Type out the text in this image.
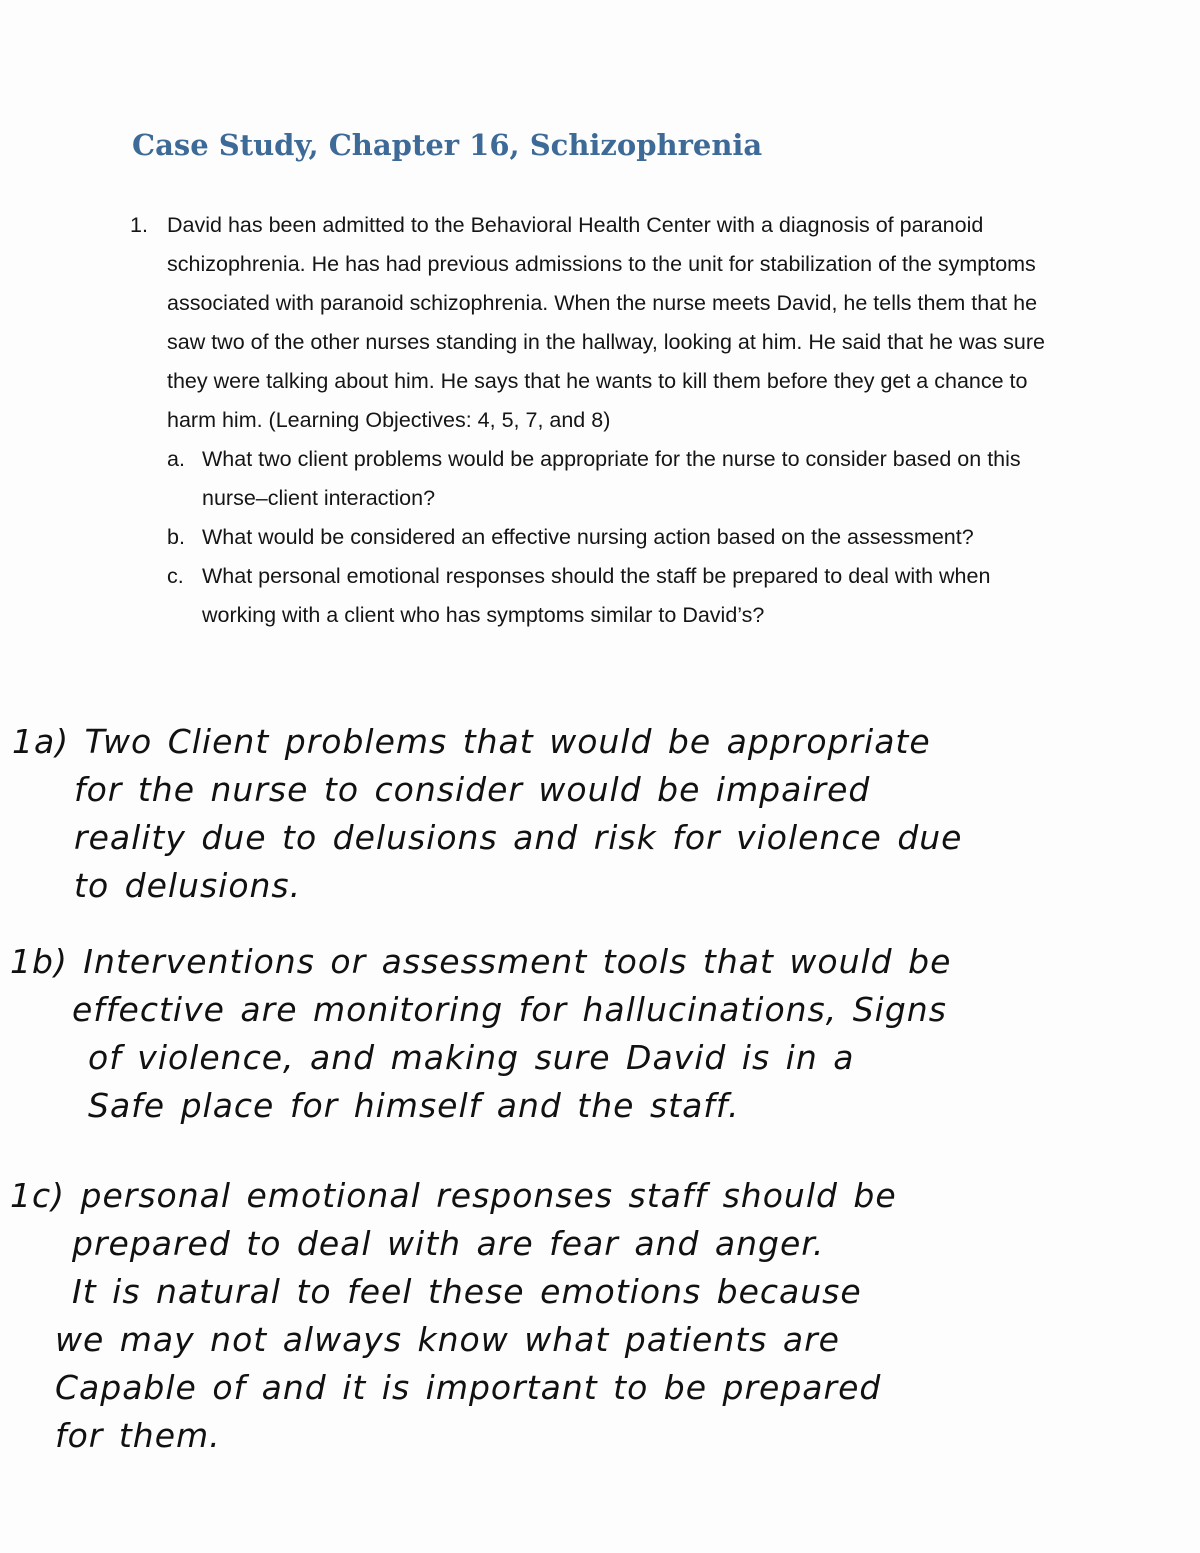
Case Study, Chapter 16, Schizophrenia
1. David has been admitted to the Behavioral Health Center with a diagnosis of paranoid schizophrenia. He has had previous admissions to the unit for stabilization of the symptoms associated with paranoid schizophrenia. When the nurse meets David, he tells them that he saw two of the other nurses standing in the hallway, looking at him. He said that he was sure they were talking about him. He says that he wants to kill them before they get a chance to harm him. (Learning Objectives: 4, 5, 7, and 8)
a. What two client problems would be appropriate for the nurse to consider based on this nurse–client interaction?
b. What would be considered an effective nursing action based on the assessment?
c. What personal emotional responses should the staff be prepared to deal with when working with a client who has symptoms similar to David’s?
1a) Two Client problems that would be appropriate
for the nurse to consider would be impaired
reality due to delusions and risk for violence due
to delusions.
1b) Interventions or assessment tools that would be
effective are monitoring for hallucinations, Signs
of violence, and making sure David is in a
Safe place for himself and the staff.
1c) personal emotional responses staff should be
prepared to deal with are fear and anger.
It is natural to feel these emotions because
we may not always know what patients are
Capable of and it is important to be prepared
for them.
